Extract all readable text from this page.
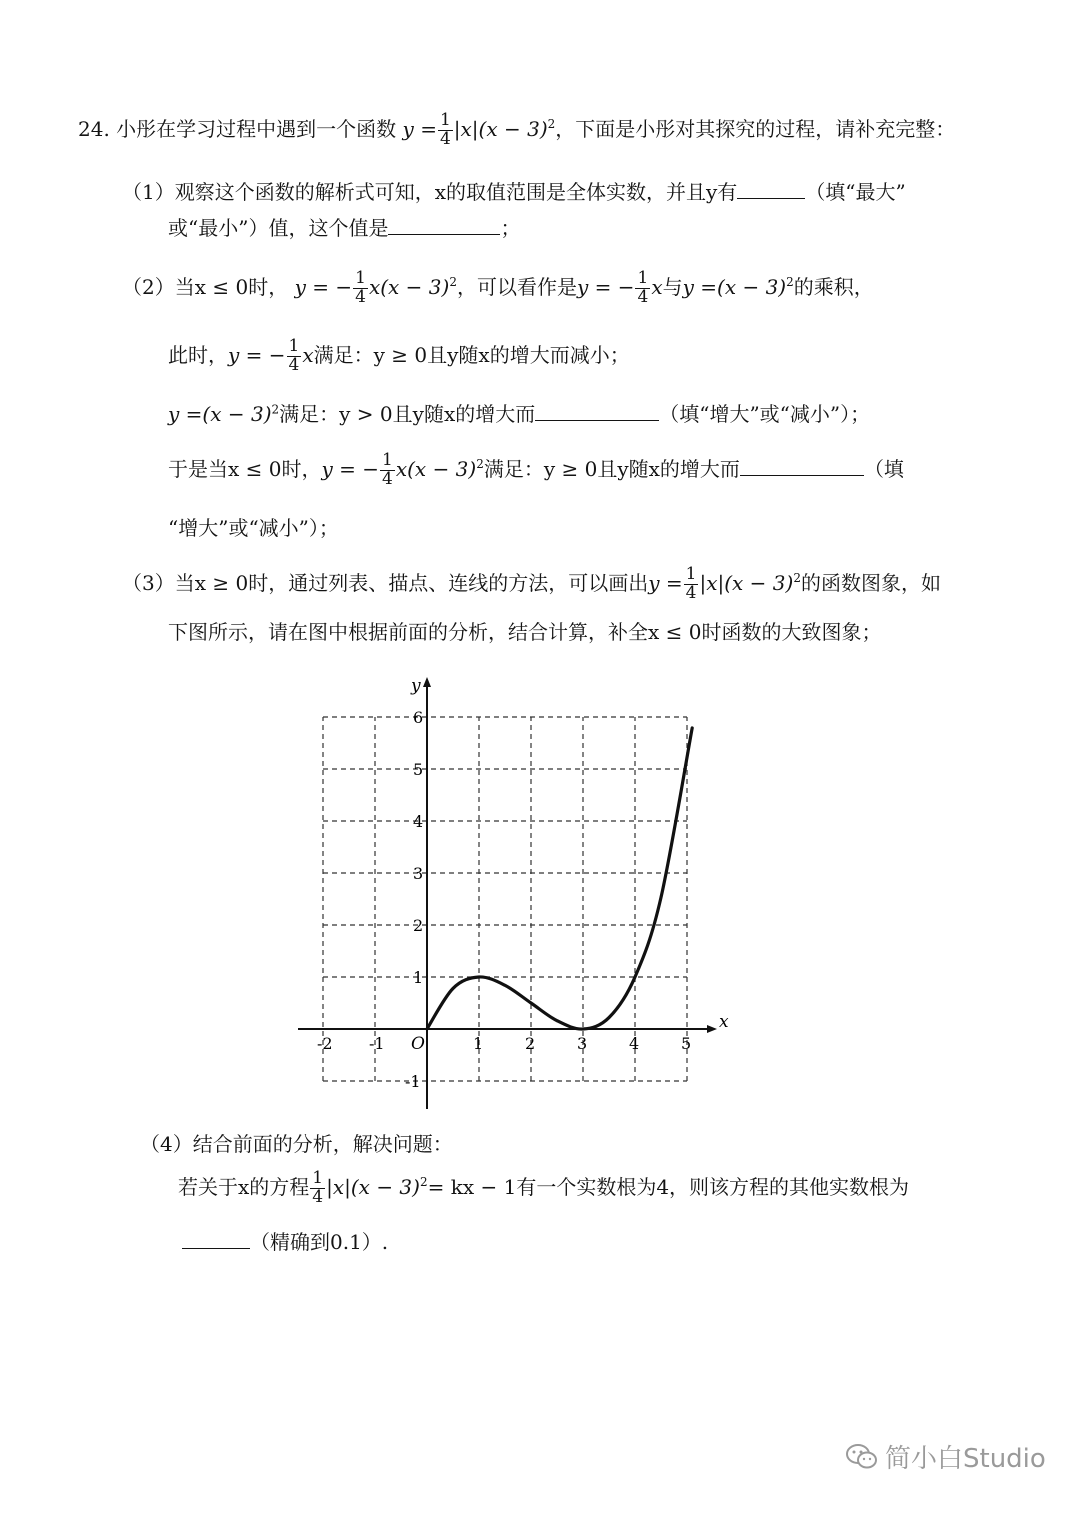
24. 小彤在学习过程中遇到一个函数 $y = \frac{1}{4} |x|(x - 3)^2$，下面是小彤对其探究的过程，请补充完整：
（1）观察这个函数的解析式可知，x的取值范围是全体实数，并且y有	（填“最大”
或“最小”）值，这个值是	；
（2）当x ≤ 0时， y = − $\frac{1}{4} x(x - 3)^2$，可以看作是y = − $\frac{1}{4}$ x与$y =(x - 3)^2$的乘积，
此时，y = − $\frac{1}{4}$ x满足：y ≥ 0且y随x的增大而减小；
$y =(x - 3)^2$满足：y > 0且y随x的增大而	（填“增大”或“减小”）；
于是当x ≤ 0时，y = − $\frac{1}{4} x(x - 3)^2$满足：y ≥ 0且y随x的增大而	（填
“增大”或“减小”）；
（3）当x ≥ 0时，通过列表、描点、连线的方法，可以画出$y = \frac{1}{4} |x|(x - 3)^2$的函数图象，如
下图所示，请在图中根据前面的分析，结合计算，补全x ≤ 0时函数的大致图象；
x
y
O
-2 -1	1	2	3	4	5
-1
1
2
3
4
5
6
（4）结合前面的分析，解决问题：
若关于x的方程 $\frac{1}{4} |x|(x - 3)^2=$ kx − 1有一个实数根为4，则该方程的其他实数根为
（精确到0.1）.
简小白Studio
